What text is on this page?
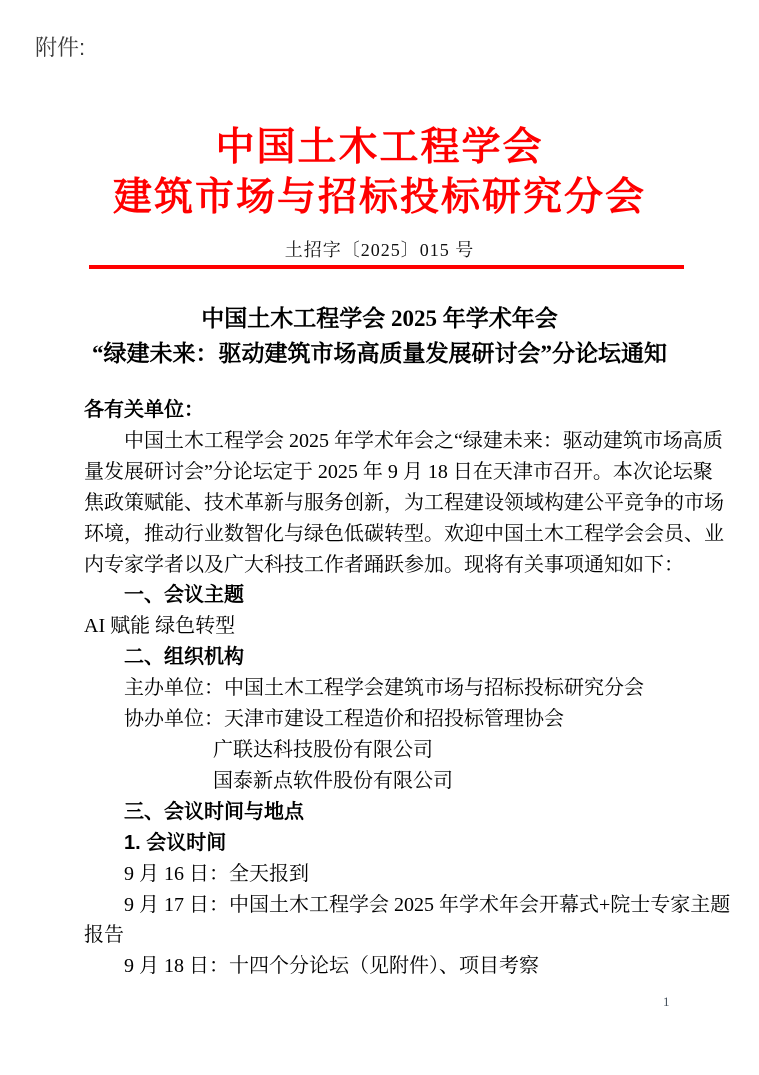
附件:
中国土木工程学会
建筑市场与招标投标研究分会
土招字〔2025〕015 号
中国土木工程学会 2025 年学术年会
“绿建未来：驱动建筑市场高质量发展研讨会”分论坛通知
各有关单位：
中国土木工程学会 2025 年学术年会之“绿建未来：驱动建筑市场高质
量发展研讨会”分论坛定于 2025 年 9 月 18 日在天津市召开。本次论坛聚
焦政策赋能、技术革新与服务创新，为工程建设领域构建公平竞争的市场
环境，推动行业数智化与绿色低碳转型。欢迎中国土木工程学会会员、业
内专家学者以及广大科技工作者踊跃参加。现将有关事项通知如下：
一、会议主题
AI 赋能 绿色转型
二、组织机构
主办单位：中国土木工程学会建筑市场与招标投标研究分会
协办单位：天津市建设工程造价和招投标管理协会
广联达科技股份有限公司
国泰新点软件股份有限公司
三、会议时间与地点
1. 会议时间
9 月 16 日：全天报到
9 月 17 日：中国土木工程学会 2025 年学术年会开幕式+院士专家主题
报告
9 月 18 日：十四个分论坛（见附件）、项目考察
1
